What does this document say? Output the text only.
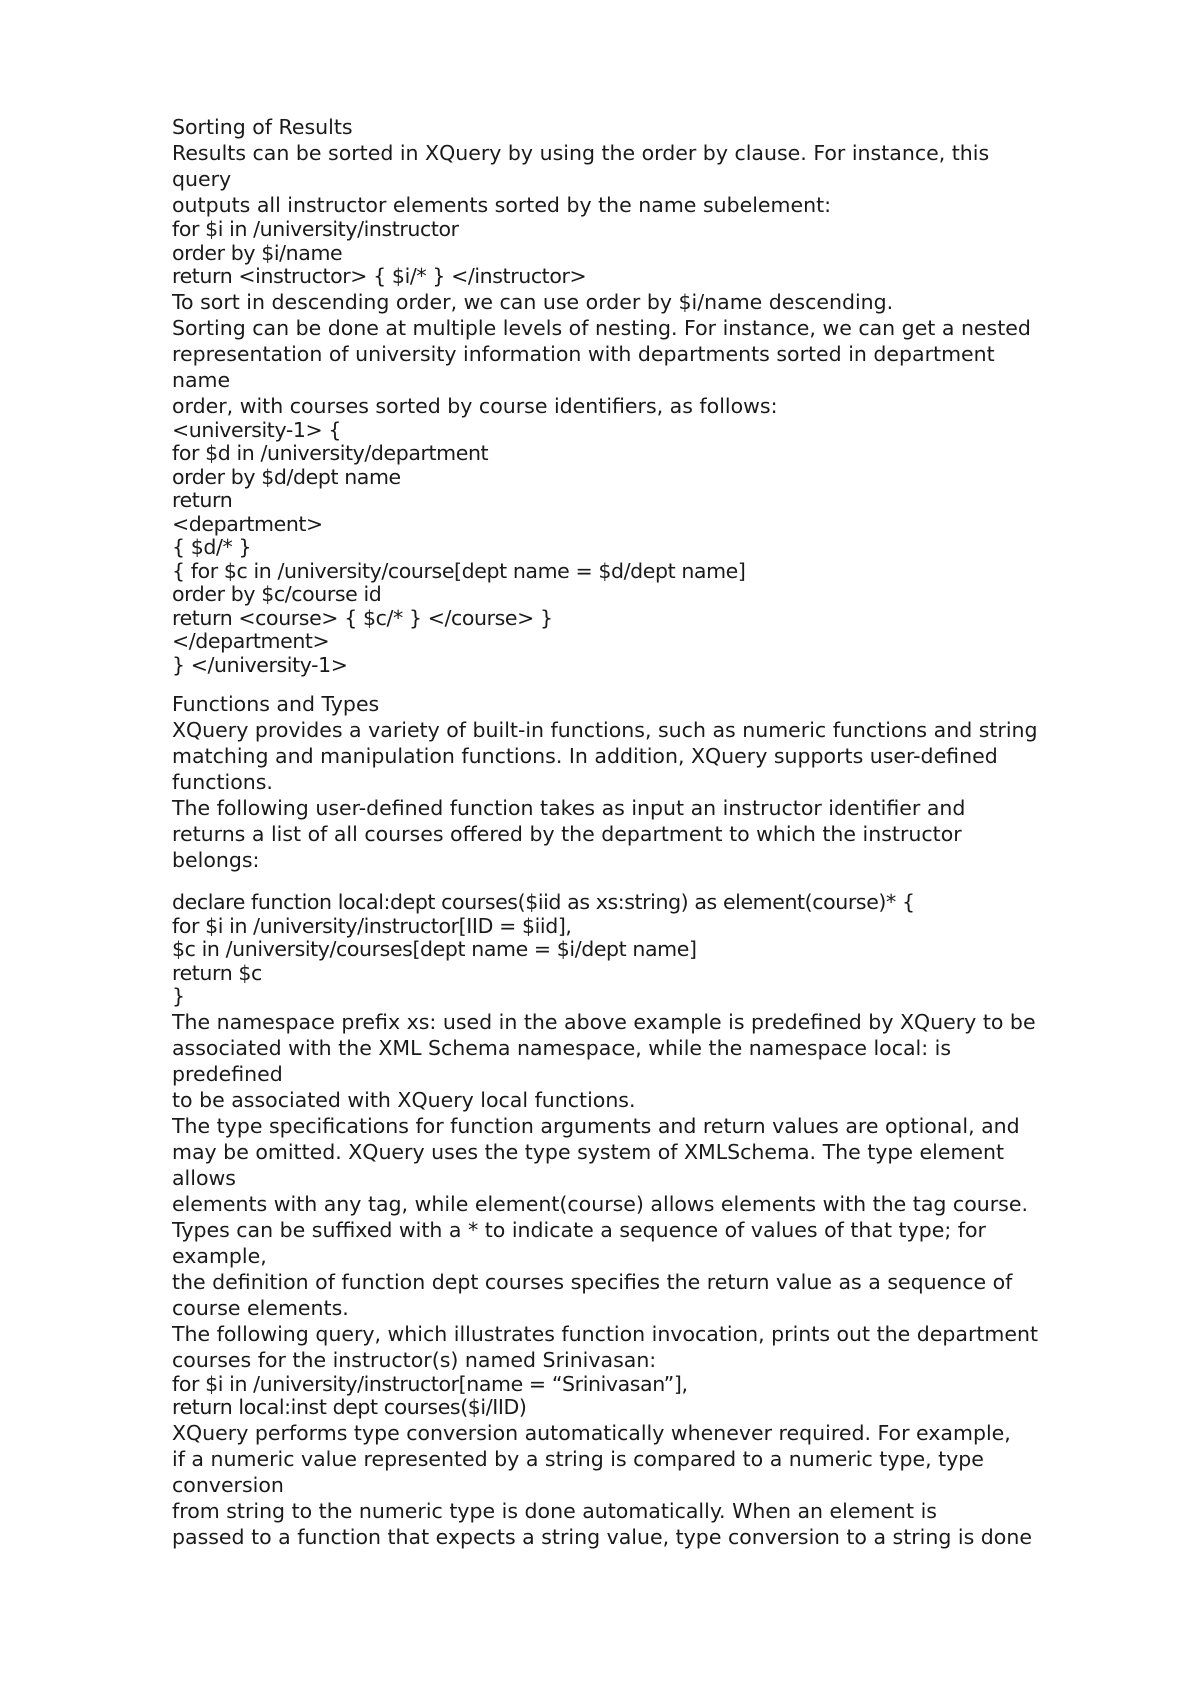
Sorting of Results
Results can be sorted in XQuery by using the order by clause. For instance, this
query
outputs all instructor elements sorted by the name subelement:
for $i in /university/instructor
order by $i/name
return <instructor> { $i/* } </instructor>
To sort in descending order, we can use order by $i/name descending.
Sorting can be done at multiple levels of nesting. For instance, we can get a nested
representation of university information with departments sorted in department
name
order, with courses sorted by course identifiers, as follows:
<university-1> {
for $d in /university/department
order by $d/dept name
return
<department>
{ $d/* }
{ for $c in /university/course[dept name = $d/dept name]
order by $c/course id
return <course> { $c/* } </course> }
</department>
} </university-1>
Functions and Types
XQuery provides a variety of built-in functions, such as numeric functions and string
matching and manipulation functions. In addition, XQuery supports user-defined
functions.
The following user-defined function takes as input an instructor identifier and
returns a list of all courses offered by the department to which the instructor
belongs:
declare function local:dept courses($iid as xs:string) as element(course)* {
for $i in /university/instructor[IID = $iid],
$c in /university/courses[dept name = $i/dept name]
return $c
}
The namespace prefix xs: used in the above example is predefined by XQuery to be
associated with the XML Schema namespace, while the namespace local: is
predefined
to be associated with XQuery local functions.
The type specifications for function arguments and return values are optional, and
may be omitted. XQuery uses the type system of XMLSchema. The type element
allows
elements with any tag, while element(course) allows elements with the tag course.
Types can be suffixed with a * to indicate a sequence of values of that type; for
example,
the definition of function dept courses specifies the return value as a sequence of
course elements.
The following query, which illustrates function invocation, prints out the department
courses for the instructor(s) named Srinivasan:
for $i in /university/instructor[name = “Srinivasan”],
return local:inst dept courses($i/IID)
XQuery performs type conversion automatically whenever required. For example,
if a numeric value represented by a string is compared to a numeric type, type
conversion
from string to the numeric type is done automatically. When an element is
passed to a function that expects a string value, type conversion to a string is done
